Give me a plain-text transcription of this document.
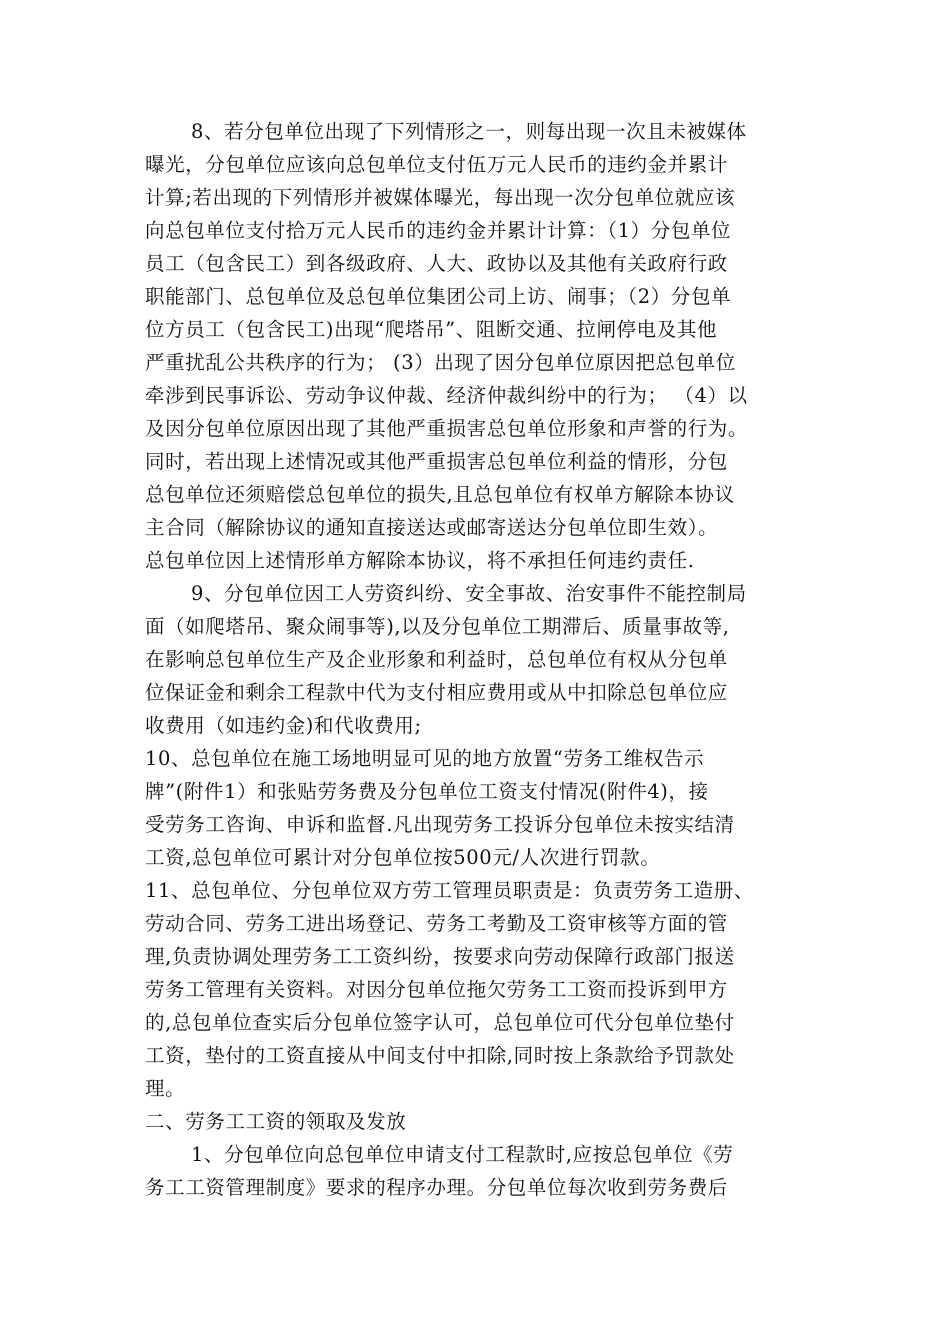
8、若分包单位出现了下列情形之一，则每出现一次且未被媒体
曝光，分包单位应该向总包单位支付伍万元人民币的违约金并累计
计算;若出现的下列情形并被媒体曝光，每出现一次分包单位就应该
向总包单位支付拾万元人民币的违约金并累计计算：（1）分包单位
员工（包含民工）到各级政府、人大、政协以及其他有关政府行政
职能部门、总包单位及总包单位集团公司上访、闹事；（2）分包单
位方员工（包含民工)出现“爬塔吊”、阻断交通、拉闸停电及其他
严重扰乱公共秩序的行为； (3）出现了因分包单位原因把总包单位
牵涉到民事诉讼、劳动争议仲裁、经济仲裁纠纷中的行为； （4）以
及因分包单位原因出现了其他严重损害总包单位形象和声誉的行为。
同时，若出现上述情况或其他严重损害总包单位利益的情形，分包
总包单位还须赔偿总包单位的损失,且总包单位有权单方解除本协议
主合同（解除协议的通知直接送达或邮寄送达分包单位即生效）。
总包单位因上述情形单方解除本协议，将不承担任何违约责任.
9、分包单位因工人劳资纠纷、安全事故、治安事件不能控制局
面（如爬塔吊、聚众闹事等),以及分包单位工期滞后、质量事故等,
在影响总包单位生产及企业形象和利益时，总包单位有权从分包单
位保证金和剩余工程款中代为支付相应费用或从中扣除总包单位应
收费用（如违约金)和代收费用;
10、总包单位在施工场地明显可见的地方放置“劳务工维权告示
牌”(附件1）和张贴劳务费及分包单位工资支付情况(附件4)，接
受劳务工咨询、申诉和监督.凡出现劳务工投诉分包单位未按实结清
工资,总包单位可累计对分包单位按500元/人次进行罚款。
11、总包单位、分包单位双方劳工管理员职责是：负责劳务工造册、
劳动合同、劳务工进出场登记、劳务工考勤及工资审核等方面的管
理,负责协调处理劳务工工资纠纷，按要求向劳动保障行政部门报送
劳务工管理有关资料。对因分包单位拖欠劳务工工资而投诉到甲方
的,总包单位查实后分包单位签字认可，总包单位可代分包单位垫付
工资，垫付的工资直接从中间支付中扣除,同时按上条款给予罚款处
理。
二、劳务工工资的领取及发放
1、分包单位向总包单位申请支付工程款时,应按总包单位《劳
务工工资管理制度》要求的程序办理。分包单位每次收到劳务费后
